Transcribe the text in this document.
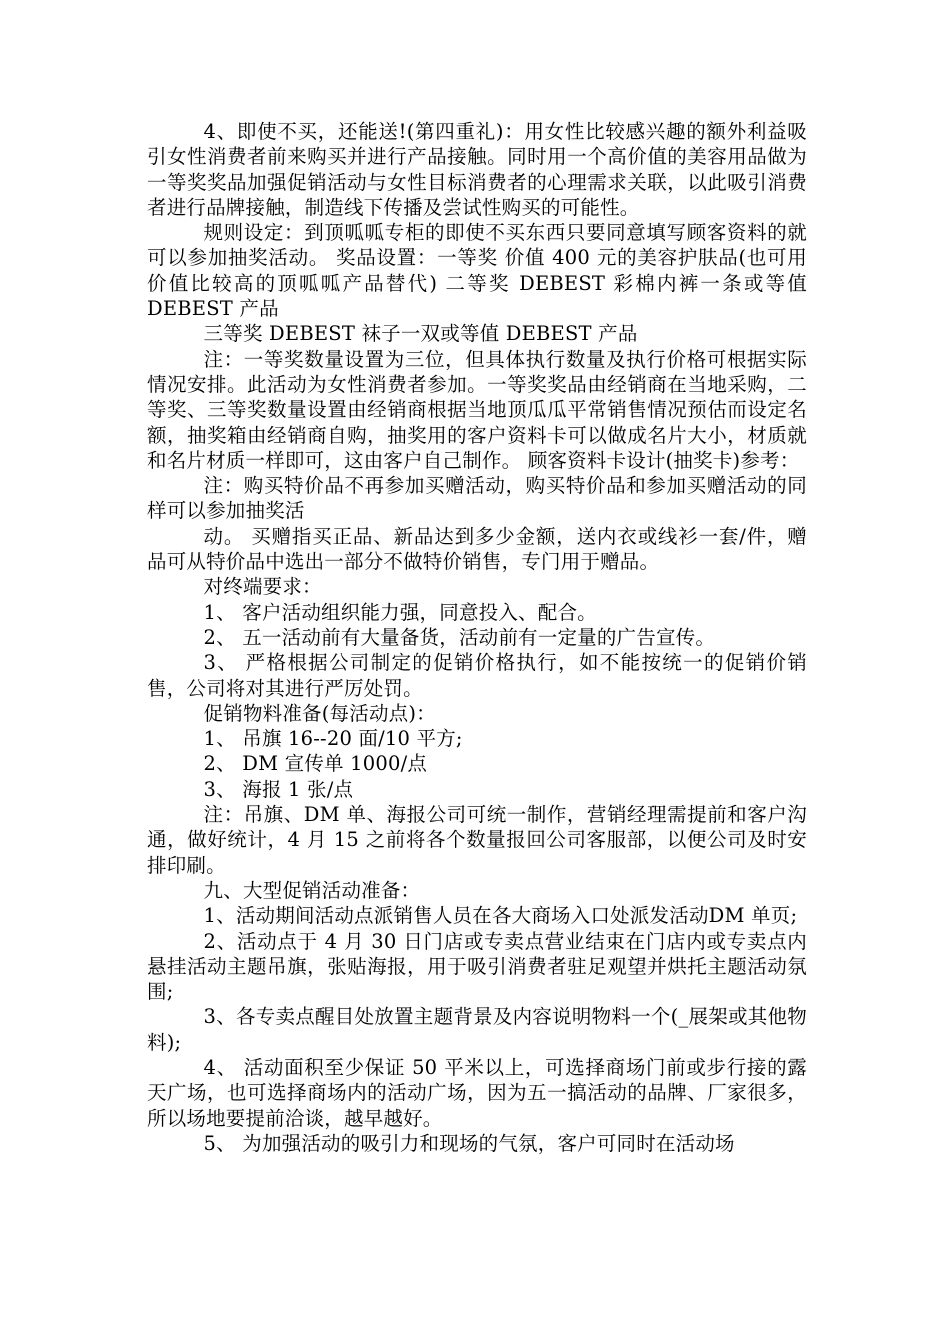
4、即使不买，还能送!(第四重礼)：用女性比较感兴趣的额外利益吸引女性消费者前来购买并进行产品接触。同时用一个高价值的美容用品做为一等奖奖品加强促销活动与女性目标消费者的心理需求关联，以此吸引消费者进行品牌接触，制造线下传播及尝试性购买的可能性。

规则设定：到顶呱呱专柜的即使不买东西只要同意填写顾客资料的就可以参加抽奖活动。 奖品设置：一等奖 价值 400 元的美容护肤品(也可用价值比较高的顶呱呱产品替代) 二等奖 DEBEST 彩棉内裤一条或等值 DEBEST 产品

三等奖 DEBEST 袜子一双或等值 DEBEST 产品

注：一等奖数量设置为三位，但具体执行数量及执行价格可根据实际情况安排。此活动为女性消费者参加。一等奖奖品由经销商在当地采购，二等奖、三等奖数量设置由经销商根据当地顶瓜瓜平常销售情况预估而设定名额，抽奖箱由经销商自购，抽奖用的客户资料卡可以做成名片大小，材质就和名片材质一样即可，这由客户自己制作。 顾客资料卡设计(抽奖卡)参考：

注：购买特价品不再参加买赠活动，购买特价品和参加买赠活动的同样可以参加抽奖活

动。 买赠指买正品、新品达到多少金额，送内衣或线衫一套/件，赠品可从特价品中选出一部分不做特价销售，专门用于赠品。

对终端要求：

1、 客户活动组织能力强，同意投入、配合。

2、 五一活动前有大量备货，活动前有一定量的广告宣传。

3、 严格根据公司制定的促销价格执行，如不能按统一的促销价销售，公司将对其进行严厉处罚。

促销物料准备(每活动点)：

1、 吊旗 16--20 面/10 平方;

2、 DM 宣传单 1000/点

3、 海报 1 张/点

注：吊旗、DM 单、海报公司可统一制作，营销经理需提前和客户沟通，做好统计，4 月 15 之前将各个数量报回公司客服部，以便公司及时安排印刷。

九、大型促销活动准备：

1、活动期间活动点派销售人员在各大商场入口处派发活动DM 单页;

2、活动点于 4 月 30 日门店或专卖点营业结束在门店内或专卖点内悬挂活动主题吊旗，张贴海报，用于吸引消费者驻足观望并烘托主题活动氛围;

3、各专卖点醒目处放置主题背景及内容说明物料一个(_展架或其他物料);

4、 活动面积至少保证 50 平米以上，可选择商场门前或步行接的露天广场，也可选择商场内的活动广场，因为五一搞活动的品牌、厂家很多，所以场地要提前洽谈，越早越好。

5、 为加强活动的吸引力和现场的气氛，客户可同时在活动场
